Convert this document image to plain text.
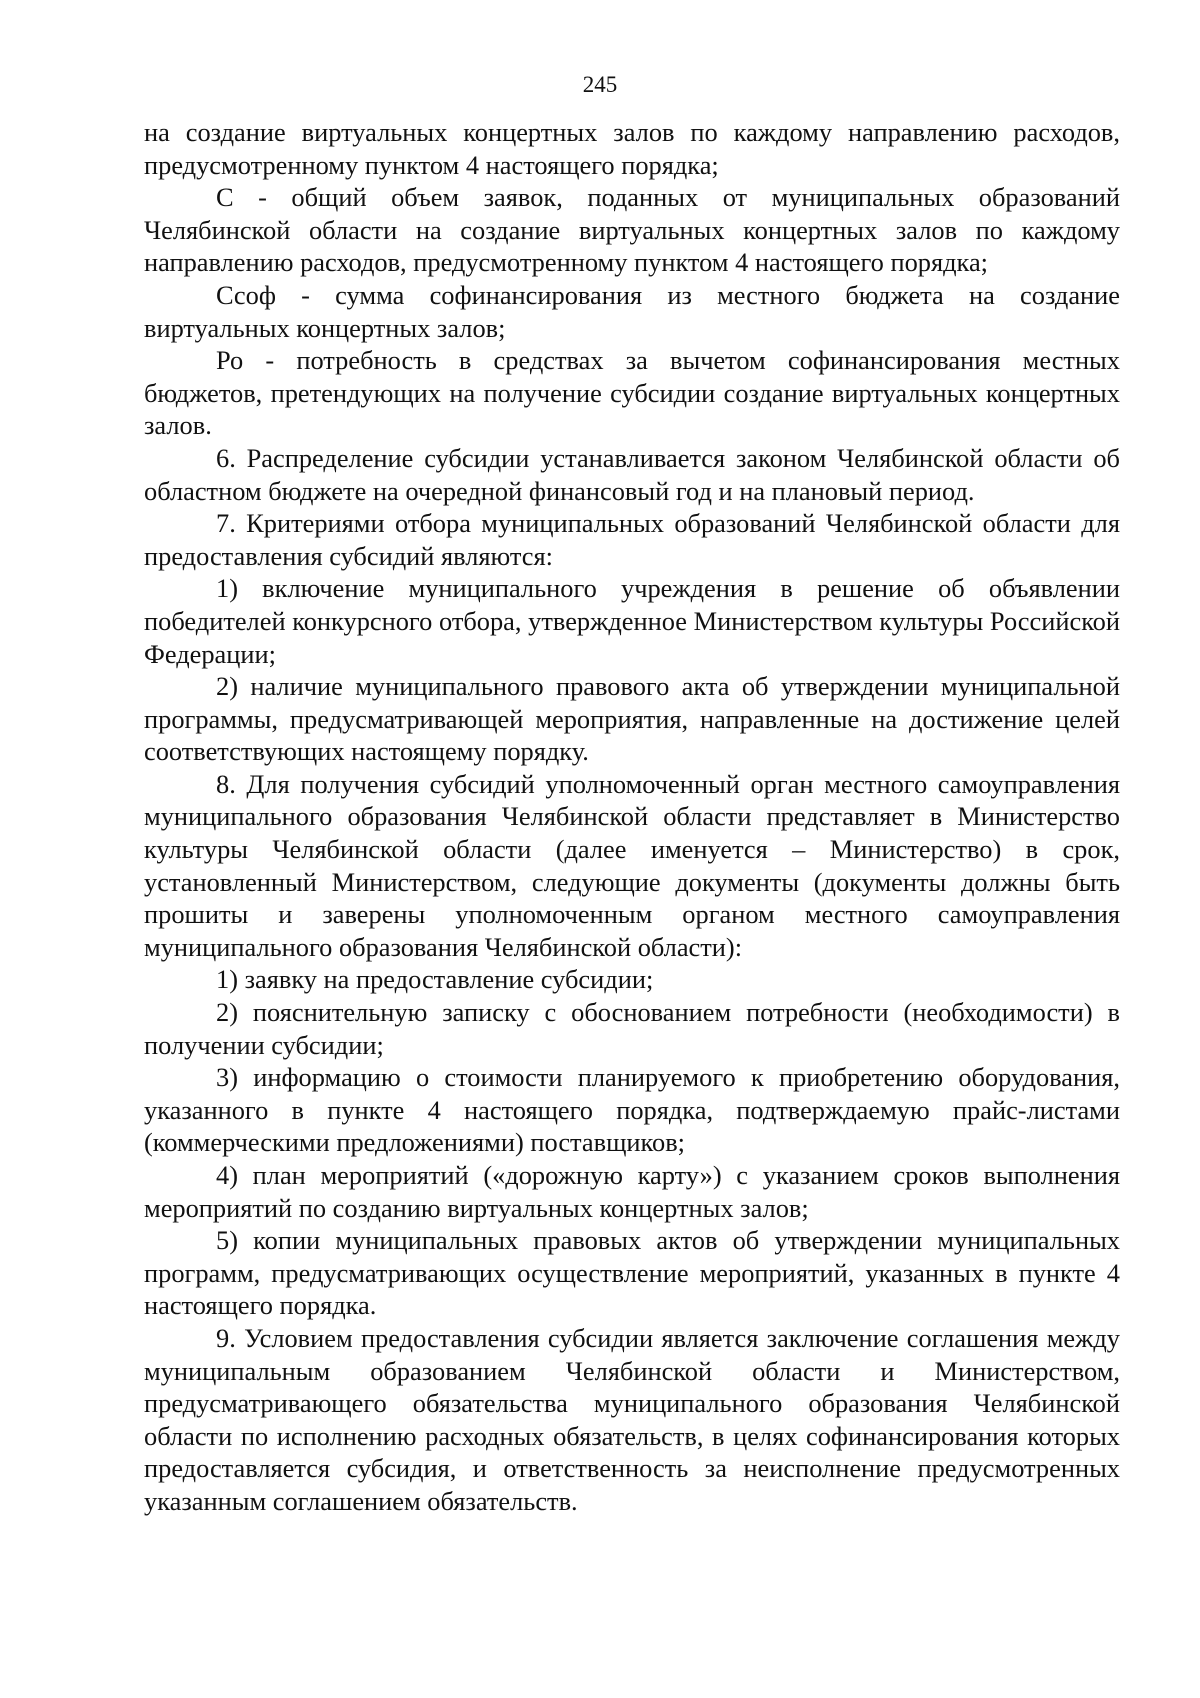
245

на создание виртуальных концертных залов по каждому направлению расходов, предусмотренному пунктом 4 настоящего порядка;

С - общий объем заявок, поданных от муниципальных образований Челябинской области на создание виртуальных концертных залов по каждому направлению расходов, предусмотренному пунктом 4 настоящего порядка;

Ссоф - сумма софинансирования из местного бюджета на создание виртуальных концертных залов;

Ро - потребность в средствах за вычетом софинансирования местных бюджетов, претендующих на получение субсидии создание виртуальных концертных залов.

6. Распределение субсидии устанавливается законом Челябинской области об областном бюджете на очередной финансовый год и на плановый период.

7. Критериями отбора муниципальных образований Челябинской области для предоставления субсидий являются:

1) включение муниципального учреждения в решение об объявлении победителей конкурсного отбора, утвержденное Министерством культуры Российской Федерации;

2) наличие муниципального правового акта об утверждении муниципальной программы, предусматривающей мероприятия, направленные на достижение целей соответствующих настоящему порядку.

8. Для получения субсидий уполномоченный орган местного самоуправления муниципального образования Челябинской области представляет в Министерство культуры Челябинской области (далее именуется – Министерство) в срок, установленный Министерством, следующие документы (документы должны быть прошиты и заверены уполномоченным органом местного самоуправления муниципального образования Челябинской области):

1) заявку на предоставление субсидии;

2) пояснительную записку с обоснованием потребности (необходимости) в получении субсидии;

3) информацию о стоимости планируемого к приобретению оборудования, указанного в пункте 4 настоящего порядка, подтверждаемую прайс-листами (коммерческими предложениями) поставщиков;

4) план мероприятий («дорожную карту») с указанием сроков выполнения мероприятий по созданию виртуальных концертных залов;

5) копии муниципальных правовых актов об утверждении муниципальных программ, предусматривающих осуществление мероприятий, указанных в пункте 4 настоящего порядка.

9. Условием предоставления субсидии является заключение соглашения между муниципальным образованием Челябинской области и Министерством, предусматривающего обязательства муниципального образования Челябинской области по исполнению расходных обязательств, в целях софинансирования которых предоставляется субсидия, и ответственность за неисполнение предусмотренных указанным соглашением обязательств.
